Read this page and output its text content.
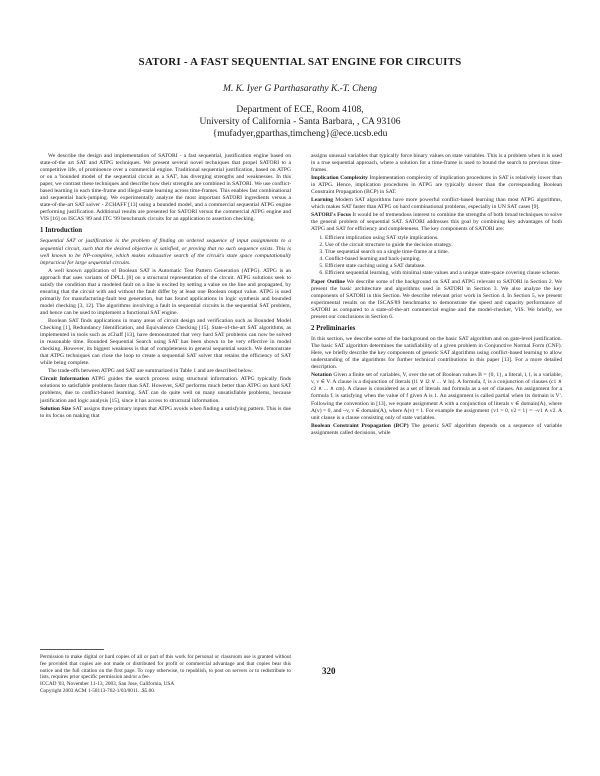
SATORI - A FAST SEQUENTIAL SAT ENGINE FOR CIRCUITS
M. K. Iyer G Parthasarathy K.-T. Cheng
Department of ECE, Room 4108,
University of California - Santa Barbara, , CA 93106
{mufadyer,gparthas,timcheng}@ece.ucsb.edu

We describe the design and implementation of SATORI - a fast sequential, justification engine based on state-of-the art SAT and ATPG techniques. We present several novel techniques that propel SATORI to a competitive life, of prominence over a commercial engine. Traditional sequential justification, based on ATPG or on a 'bounded model of the sequential circuit as a SAT', has diverging strengths and weaknesses. In this paper, we contrast these techniques and describe how their strengths are combined in SATORI. We use conflict-based learning in each time-frame and illegal-state learning across time-frames. This enables fast combinational and sequential back-jumping. We experimentally analyze the most important SATORI ingredients versus a state-of-the-art SAT solver - ZCHAFF [13] using a bounded model, and a commercial sequential ATPG engine performing justification. Additional results are presented for SATORI versus the commercial ATPG engine and VIS [16] on ISCAS '89 and ITC '99 benchmark circuits for an application to assertion checking.

1 Introduction

Sequential SAT or justification is the problem of finding an ordered sequence of input assignments to a sequential circuit, such that the desired objective is satisfied, or proving that no such sequence exists. This is well known to be NP-complete, which makes exhaustive search of the circuit's state space computationally impractical for large sequential circuits.

A well known application of Boolean SAT is Automatic Test Pattern Generation (ATPG). ATPG is an approach that uses variants of DPLL [8] on a structural representation of the circuit. ATPG solutions seek to satisfy the condition that a modeled fault on a line is excited by setting a value on the line and propagated, by ensuring that the circuit with and without the fault differ by at least one Boolean output value. ATPG is used primarily for manufacturing-fault test generation, but has found applications in logic synthesis and bounded model checking [3, 12]. The algorithms involving a fault in sequential circuits is the sequential SAT problem, and hence can be used to implement a functional SAT engine.

Boolean SAT finds applications in many areas of circuit design and verification such as Bounded Model Checking [1], Redundancy Identification, and Equivalence Checking [15]. State-of-the-art SAT algorithms, as implemented in tools such as zChaff [13], have demonstrated that very hard SAT problems can now be solved in reasonable time. Bounded Sequential Search using SAT has been shown to be very effective in model checking. However, its biggest weakness is that of completeness in general sequential search. We demonstrate that ATPG techniques can close the loop to create a sequential SAT solver that retains the efficiency of SAT while being complete.

The trade-offs between ATPG and SAT are summarized in Table 1 and are described below.

Circuit Information ATPG guides the search process using structural information. ATPG typically finds solutions to satisfiable problems faster than SAT. However, SAT performs much better than ATPG on hard SAT problems, due to conflict-based learning. SAT can do quite well on many unsatisfiable problems, because justification and logic analysis [15], since it has access to structural information.

Solution Size SAT assigns three primary inputs that ATPG avoids when finding a satisfying pattern. This is due to its focus on making that

assigns unusual variables that typically force binary values on state variables. This is a problem when it is used in a true sequential approach, where a solution for a time-frame is used to bound the search to previous time-frames.

Implication Complexity Implementation complexity of implication procedures in SAT is relatively lower than in ATPG. Hence, implication procedures in ATPG are typically slower than the corresponding Boolean Constraint Propagation (BCP) in SAT.

Learning Modern SAT algorithms have more powerful conflict-based learning than most ATPG algorithms, which makes SAT faster than ATPG on hard combinational problems, especially in UN SAT cases [9].

SATORI's Focus It would be of tremendous interest to combine the strengths of both broad techniques to solve the general problem of sequential SAT. SATORI addresses this goal by combining key advantages of both ATPG and SAT for efficiency and completeness. The key components of SATORI are:

1. Efficient implication using SAT style implications.
2. Use of the circuit structure to guide the decision strategy.
3. True sequential search on a single time-frame at a time.
4. Conflict-based learning and back-jumping.
5. Efficient state caching using a SAT database.
6. Efficient sequential learning, with minimal state values and a unique state-space covering clause scheme.

Paper Outline We describe some of the background on SAT and ATPG relevant to SATORI in Section 2. We present the basic architecture and algorithms used in SATORI in Section 3. We also analyze the key components of SATORI in this Section. We describe relevant prior work in Section 4. In Section 5, we present experimental results on the ISCAS'89 benchmarks to demonstrate the speed and capacity performance of SATORI as compared to a state-of-the-art commercial engine and the model-checker, VIS. We briefly, we present our conclusions in Section 6.

2 Preliminaries

In this section, we describe some of the background on the basic SAT algorithm and on gate-level justification. The basic SAT algorithm determines the satisfiability of a given problem in Conjunctive Normal Form (CNF). Here, we briefly describe the key components of generic SAT algorithms using conflict-based learning to allow understanding of the algorithms for further technical contributions in this paper [13]. For a more detailed description.

Notation Given a finite set of variables, V, over the set of Boolean values B = {0, 1}, a literal, l, l, is a variable, v, v ∈ V. A clause is a disjunction of literals (l1 ∨ l2 ∨ ... ∨ ln). A formula, f, is a conjunction of clauses (c1 ∧ c2 ∧ ... ∧ cm). A clause is considered as a set of literals and formula as a set of clauses. An assignment for a formula f, is satisfying when the value of f given A is 1. An assignment is called partial when its domain is V'. Following the convention in [13], we equate assignment A with a conjunction of literals v ∈ domain(A), where A(v) = 0, and ¬v, v ∈ domain(A), where A(v) = 1. For example the assignment {v1 = 0, v2 = 1} = ¬v1 ∧ v2. A unit clause is a clause consisting only of state variables.

Boolean Constraint Propagation (BCP) The generic SAT algorithm depends on a sequence of variable assignments called decisions, while

Permission to make digital or hard copies of all or part of this work for personal or classroom use is granted without fee provided that copies are not made or distributed for profit or commercial advantage and that copies bear this notice and the full citation on the first page. To copy otherwise, to republish, to post on servers or to redistribute to lists, requires prior specific permission and/or a fee.

ICCAD '03, November 11-13, 2003, San Jose, California, USA

Copyright 2003 ACM 1-58113-762-1/03/0011...$5.00.

320
